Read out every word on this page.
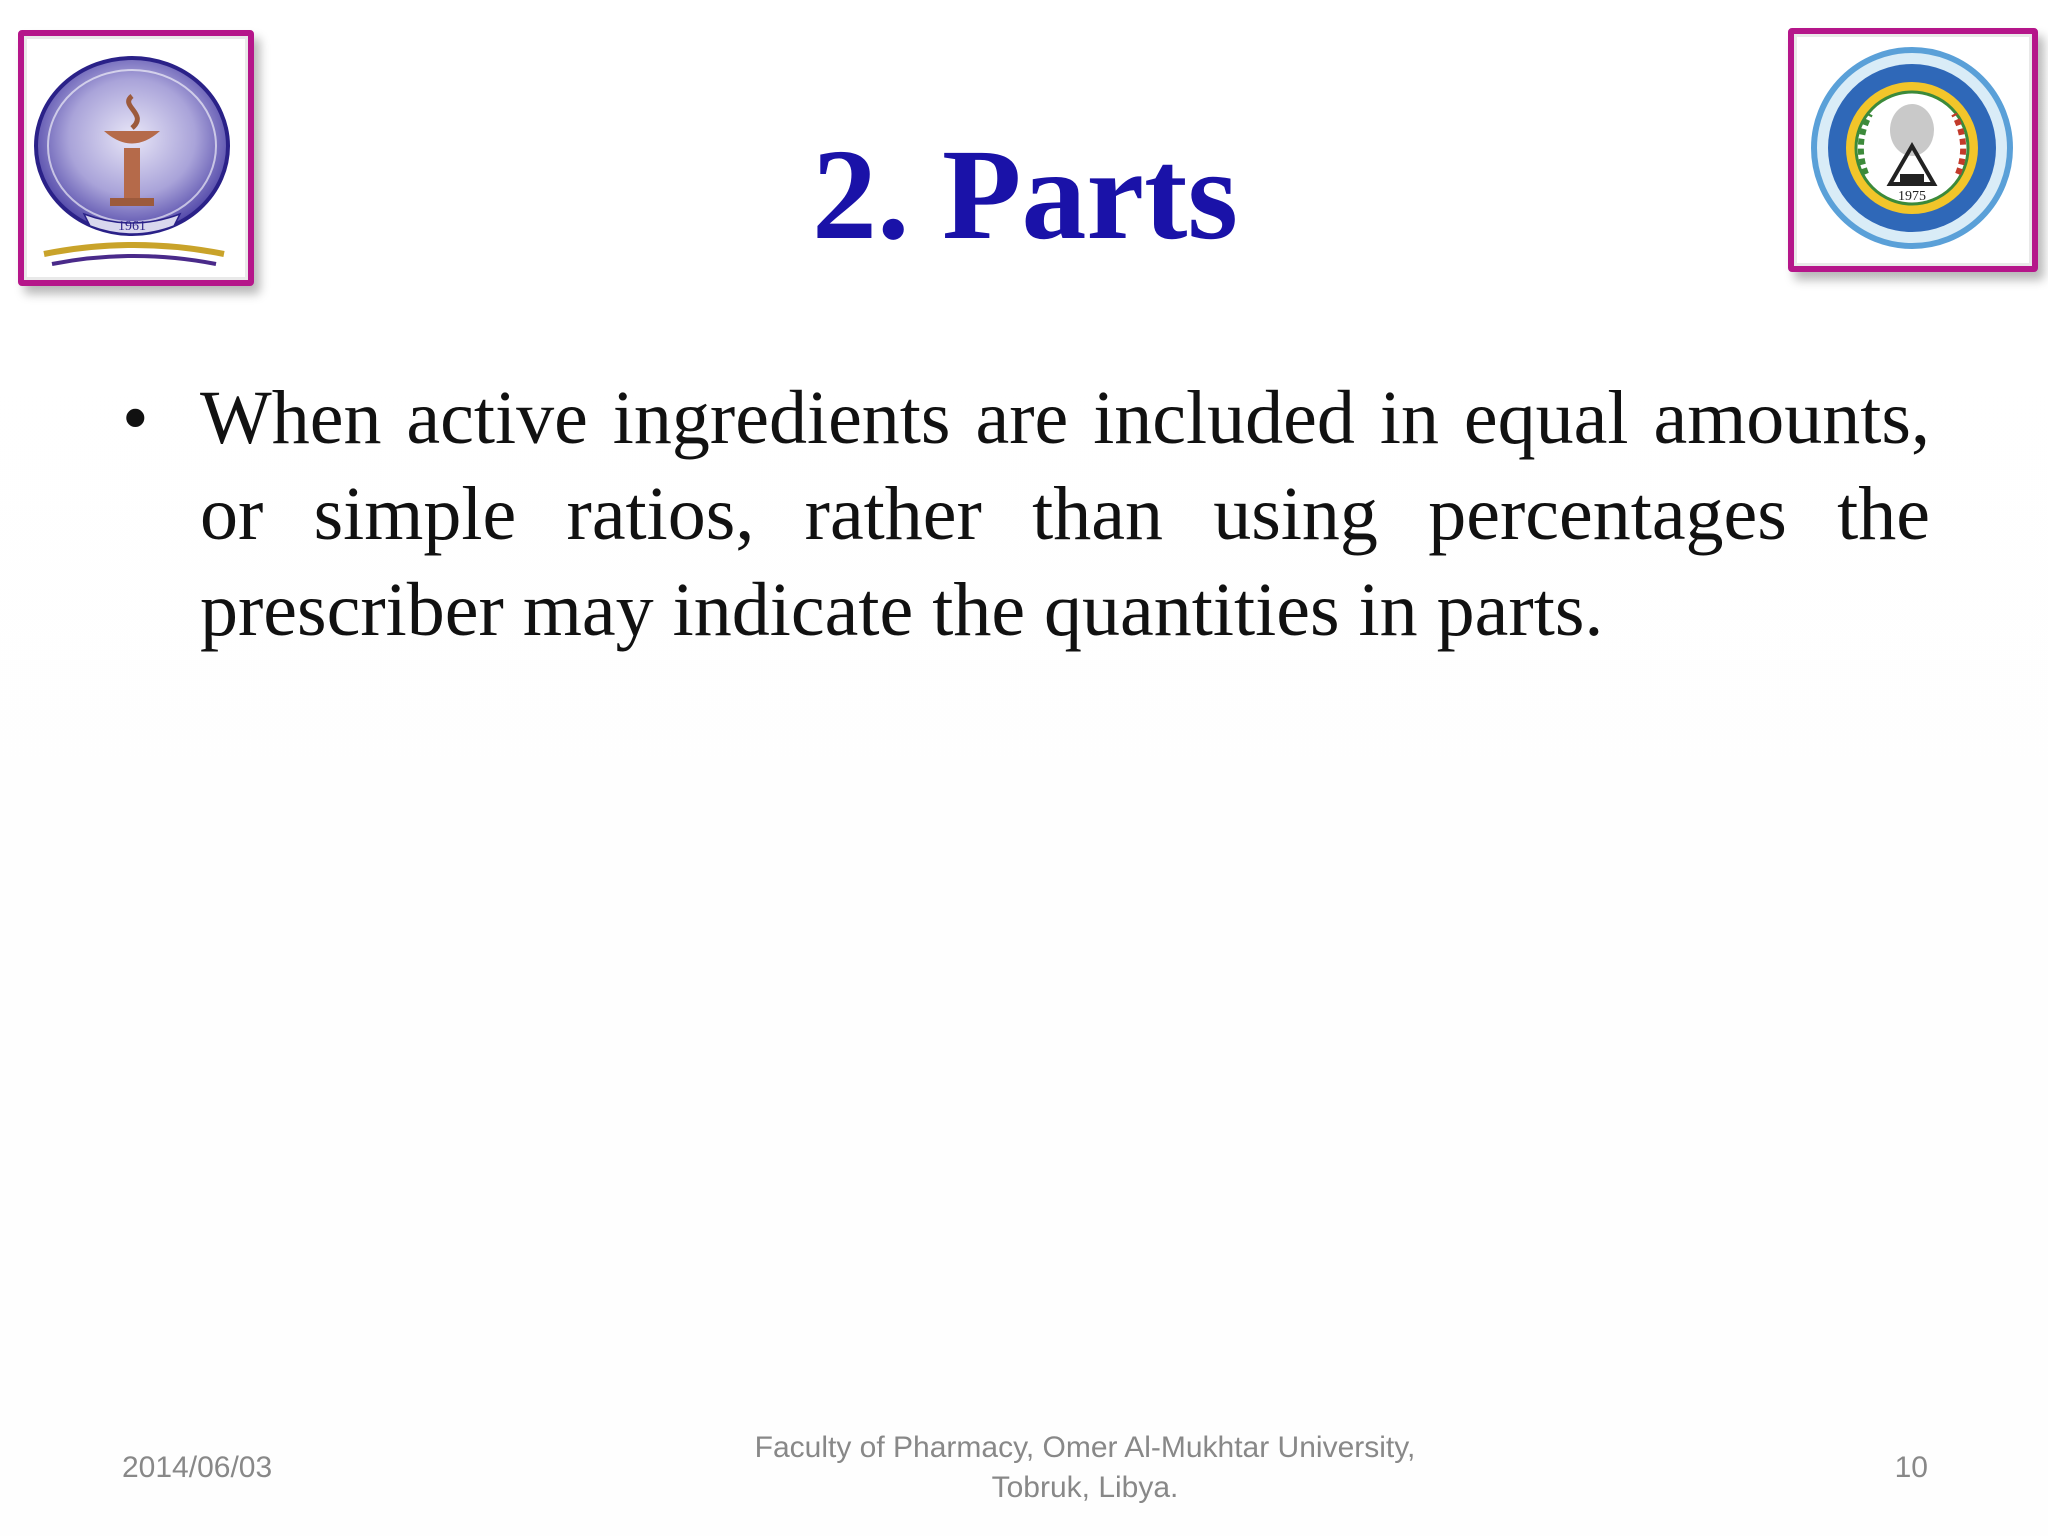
1961
1975
2. Parts
• When active ingredients are included in equal amounts, or simple ratios, rather than using percentages the prescriber may indicate the quantities in parts.

2014/06/03
Faculty of Pharmacy, Omer Al-Mukhtar University,
Tobruk, Libya.
10
